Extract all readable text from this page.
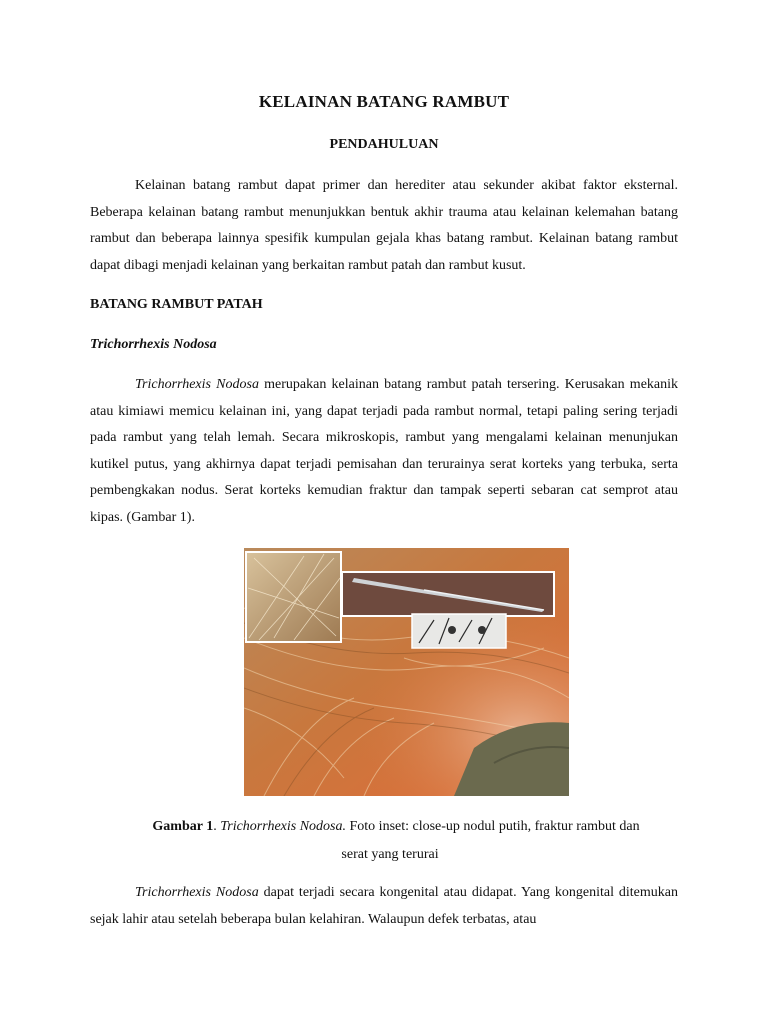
KELAINAN BATANG RAMBUT
PENDAHULUAN

Kelainan batang rambut dapat primer dan herediter atau sekunder akibat faktor eksternal. Beberapa kelainan batang rambut menunjukkan bentuk akhir trauma atau kelainan kelemahan batang rambut dan beberapa lainnya spesifik kumpulan gejala khas batang rambut. Kelainan batang rambut dapat dibagi menjadi kelainan yang berkaitan rambut patah dan rambut kusut.

BATANG RAMBUT PATAH

Trichorrhexis Nodosa

Trichorrhexis Nodosa merupakan kelainan batang rambut patah tersering. Kerusakan mekanik atau kimiawi memicu kelainan ini, yang dapat terjadi pada rambut normal, tetapi paling sering terjadi pada rambut yang telah lemah. Secara mikroskopis, rambut yang mengalami kelainan menunjukan kutikel putus, yang akhirnya dapat terjadi pemisahan dan terurainya serat korteks yang terbuka, serta pembengkakan nodus. Serat korteks kemudian fraktur dan tampak seperti sebaran cat semprot atau kipas. (Gambar 1).

Gambar 1. Trichorrhexis Nodosa. Foto inset: close-up nodul putih, fraktur rambut dan
serat yang terurai

Trichorrhexis Nodosa dapat terjadi secara kongenital atau didapat. Yang kongenital ditemukan sejak lahir atau setelah beberapa bulan kelahiran. Walaupun defek terbatas, atau
